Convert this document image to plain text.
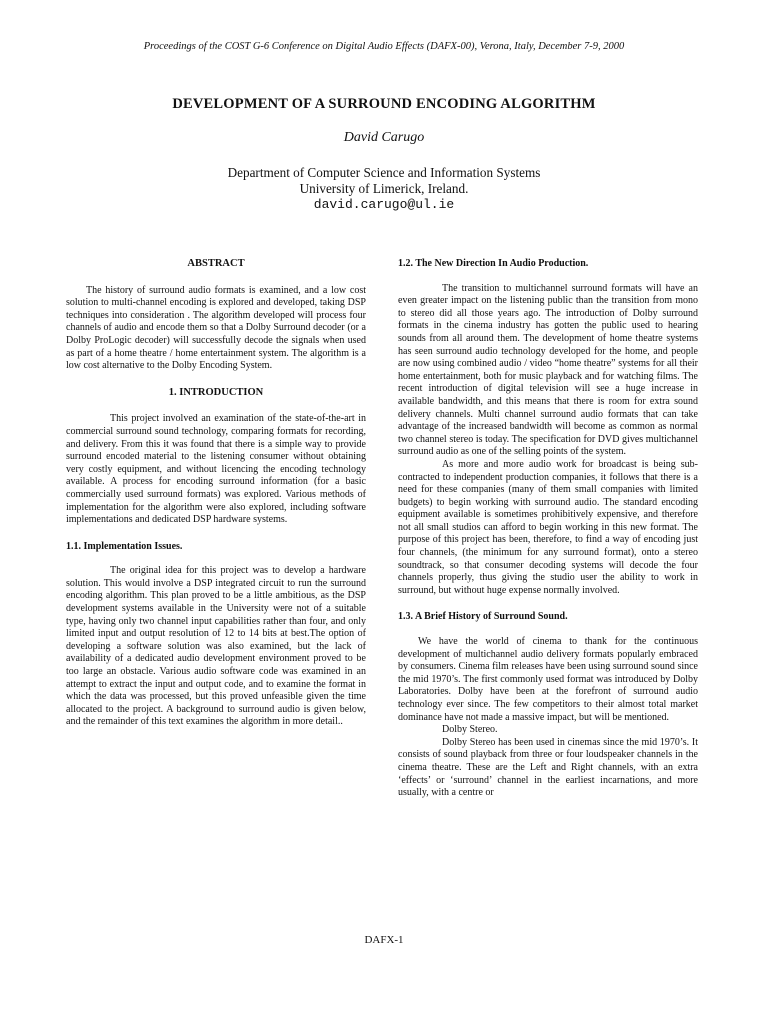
Proceedings of the COST G-6 Conference on Digital Audio Effects (DAFX-00), Verona, Italy, December 7-9, 2000
DEVELOPMENT OF A SURROUND ENCODING ALGORITHM
David Carugo
Department of Computer Science and Information Systems
University of Limerick, Ireland.
david.carugo@ul.ie
ABSTRACT

The history of surround audio formats is examined, and a low cost solution to multi-channel encoding is explored and developed, taking DSP techniques into consideration . The algorithm developed will process four channels of audio and encode them so that a Dolby Surround decoder (or a Dolby ProLogic decoder) will successfully decode the signals when used as part of a home theatre / home entertainment system. The algorithm is a low cost alternative to the Dolby Encoding System.

1. INTRODUCTION

This project involved an examination of the state-of-the-art in commercial surround sound technology, comparing formats for recording, and delivery. From this it was found that there is a simple way to provide surround encoded material to the listening consumer without obtaining very costly equipment, and without licencing the encoding technology available. A process for encoding surround information (for a basic commercially used surround formats) was explored. Various methods of implementation for the algorithm were also explored, including software implementations and dedicated DSP hardware systems.

1.1. Implementation Issues.

The original idea for this project was to develop a hardware solution. This would involve a DSP integrated circuit to run the surround encoding algorithm. This plan proved to be a little ambitious, as the DSP development systems available in the University were not of a suitable type, having only two channel input capabilities rather than four, and only limited input and output resolution of 12 to 14 bits at best.The option of developing a software solution was also examined, but the lack of availability of a dedicated audio development environment proved to be too large an obstacle. Various audio software code was examined in an attempt to extract the input and output code, and to examine the format in which the data was processed, but this proved unfeasible given the time allocated to the project. A background to surround audio is given below, and the remainder of this text examines the algorithm in more detail..

1.2. The New Direction In Audio Production.

The transition to multichannel surround formats will have an even greater impact on the listening public than the transition from mono to stereo did all those years ago. The introduction of Dolby surround formats in the cinema industry has gotten the public used to hearing sounds from all around them. The development of home theatre systems has seen surround audio technology developed for the home, and people are now using combined audio / video “home theatre” systems for all their home entertainment, both for music playback and for watching films. The recent introduction of digital television will see a huge increase in available bandwidth, and this means that there is room for extra sound delivery channels. Multi channel surround audio formats that can take advantage of the increased bandwidth will become as common as normal two channel stereo is today. The specification for DVD gives multichannel surround audio as one of the selling points of the system.

As more and more audio work for broadcast is being sub-contracted to independent production companies, it follows that there is a need for these companies (many of them small companies with limited budgets) to begin working with surround audio. The standard encoding equipment available is sometimes prohibitively expensive, and therefore not all small studios can afford to begin working in this new format. The purpose of this project has been, therefore, to find a way of encoding just four channels, (the minimum for any surround format), onto a stereo soundtrack, so that consumer decoding systems will decode the four channels properly, thus giving the studio user the ability to work in surround, but without huge expense normally involved.

1.3. A Brief History of Surround Sound.

We have the world of cinema to thank for the continuous development of multichannel audio delivery formats popularly embraced by consumers. Cinema film releases have been using surround sound since the mid 1970’s. The first commonly used format was introduced by Dolby Laboratories. Dolby have been at the forefront of surround audio technology ever since. The few competitors to their almost total market dominance have not made a massive impact, but will be mentioned.

Dolby Stereo.

Dolby Stereo has been used in cinemas since the mid 1970’s. It consists of sound playback from three or four loudspeaker channels in the cinema theatre. These are the Left and Right channels, with an extra ‘effects’ or ‘surround’ channel in the earliest incarnations, and more usually, with a centre or

DAFX-1
